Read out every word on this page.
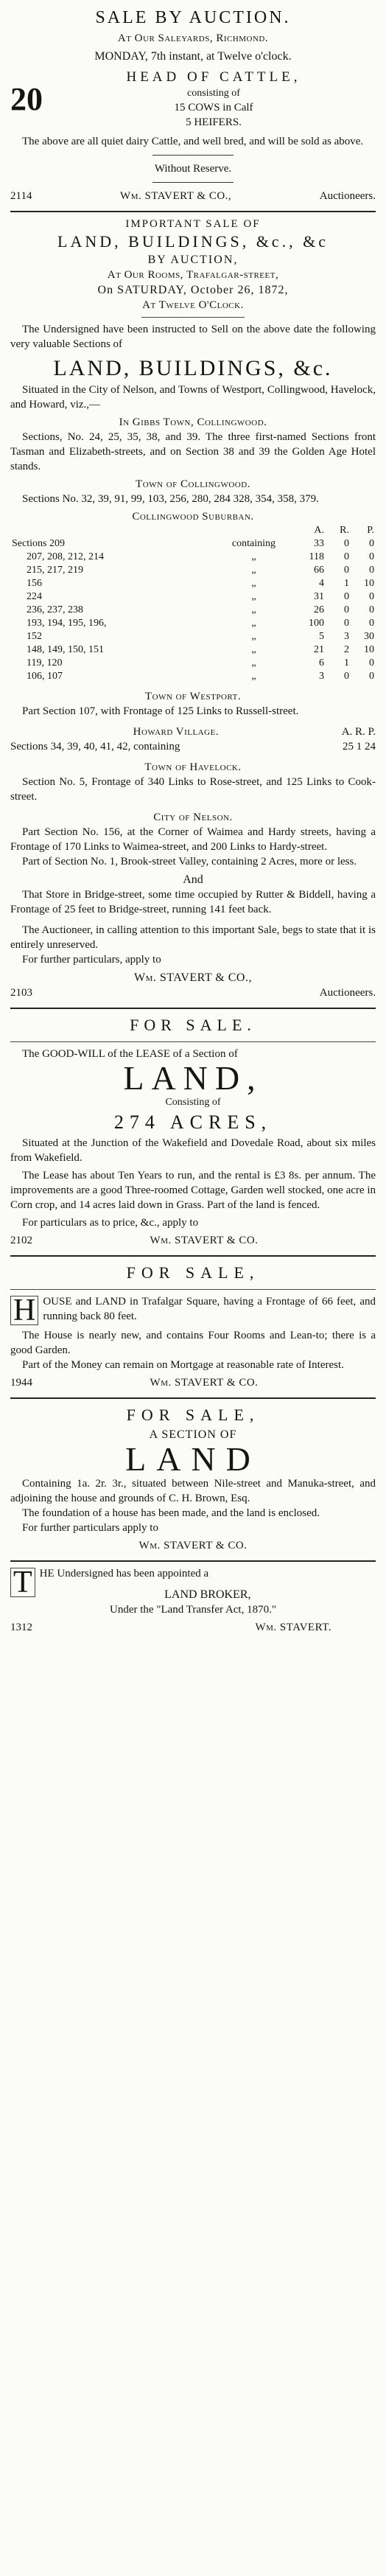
SALE BY AUCTION.

At Our Saleyards, Richmond.

MONDAY, 7th instant, at Twelve o'clock.

20

HEAD OF CATTLE,

consisting of

15 COWS in Calf

5 HEIFERS.

The above are all quiet dairy Cattle, and well bred, and will be sold as above.

Without Reserve.

2114	Wm. STAVERT & CO.,	Auctioneers.

IMPORTANT SALE OF

LAND, BUILDINGS, &c., &c

BY AUCTION,

At Our Rooms, Trafalgar-street,

On SATURDAY, October 26, 1872,

At Twelve O'Clock.

The Undersigned have been instructed to Sell on the above date the following very valuable Sections of

LAND, BUILDINGS, &c.

Situated in the City of Nelson, and Towns of Westport, Collingwood, Havelock, and Howard, viz.,—

In Gibbs Town, Collingwood.

Sections, No. 24, 25, 35, 38, and 39. The three first-named Sections front Tasman and Elizabeth-streets, and on Section 38 and 39 the Golden Age Hotel stands.

Town of Collingwood.

Sections No. 32, 39, 91, 99, 103, 256, 280, 284 328, 354, 358, 379.

Collingwood Suburban.

		A.	R.	P.
Sections 209	containing	33	0	0
207, 208, 212, 214	„	118	0	0
215, 217, 219	„	66	0	0
156	„	4	1	10
224	„	31	0	0
236, 237, 238	„	26	0	0
193, 194, 195, 196,	„	100	0	0
152	„	5	3	30
148, 149, 150, 151	„	21	2	10
119, 120	„	6	1	0
106, 107	„	3	0	0

Town of Westport.

Part Section 107, with Frontage of 125 Links to Russell-street.

Howard Village.	A. R. P.
Sections 34, 39, 40, 41, 42, containing	25 1 24

Town of Havelock.

Section No. 5, Frontage of 340 Links to Rose-street, and 125 Links to Cook-street.

City of Nelson.

Part Section No. 156, at the Corner of Waimea and Hardy streets, having a Frontage of 170 Links to Waimea-street, and 200 Links to Hardy-street.

Part of Section No. 1, Brook-street Valley, containing 2 Acres, more or less.

And

That Store in Bridge-street, some time occupied by Rutter & Biddell, having a Frontage of 25 feet to Bridge-street, running 141 feet back.

The Auctioneer, in calling attention to this important Sale, begs to state that it is entirely unreserved.

For further particulars, apply to

Wm. STAVERT & CO.,

2103	Auctioneers.

FOR SALE.

The GOOD-WILL of the LEASE of a Section of

LAND,

Consisting of

274 ACRES,

Situated at the Junction of the Wakefield and Dovedale Road, about six miles from Wakefield.

The Lease has about Ten Years to run, and the rental is £3 8s. per annum. The improvements are a good Three-roomed Cottage, Garden well stocked, one acre in Corn crop, and 14 acres laid down in Grass. Part of the land is fenced.

For particulars as to price, &c., apply to

2102	Wm. STAVERT & CO.

FOR SALE,

H OUSE and LAND in Trafalgar Square, having a Frontage of 66 feet, and running back 80 feet.

The House is nearly new, and contains Four Rooms and Lean-to; there is a good Garden.

Part of the Money can remain on Mortgage at reasonable rate of Interest.

1944	Wm. STAVERT & CO.

FOR SALE,

A SECTION OF

LAND

Containing 1a. 2r. 3r., situated between Nile-street and Manuka-street, and adjoining the house and grounds of C. H. Brown, Esq.

The foundation of a house has been made, and the land is enclosed.

For further particulars apply to

Wm. STAVERT & CO.

T HE Undersigned has been appointed a

LAND BROKER,

Under the "Land Transfer Act, 1870."

1312	Wm. STAVERT.
